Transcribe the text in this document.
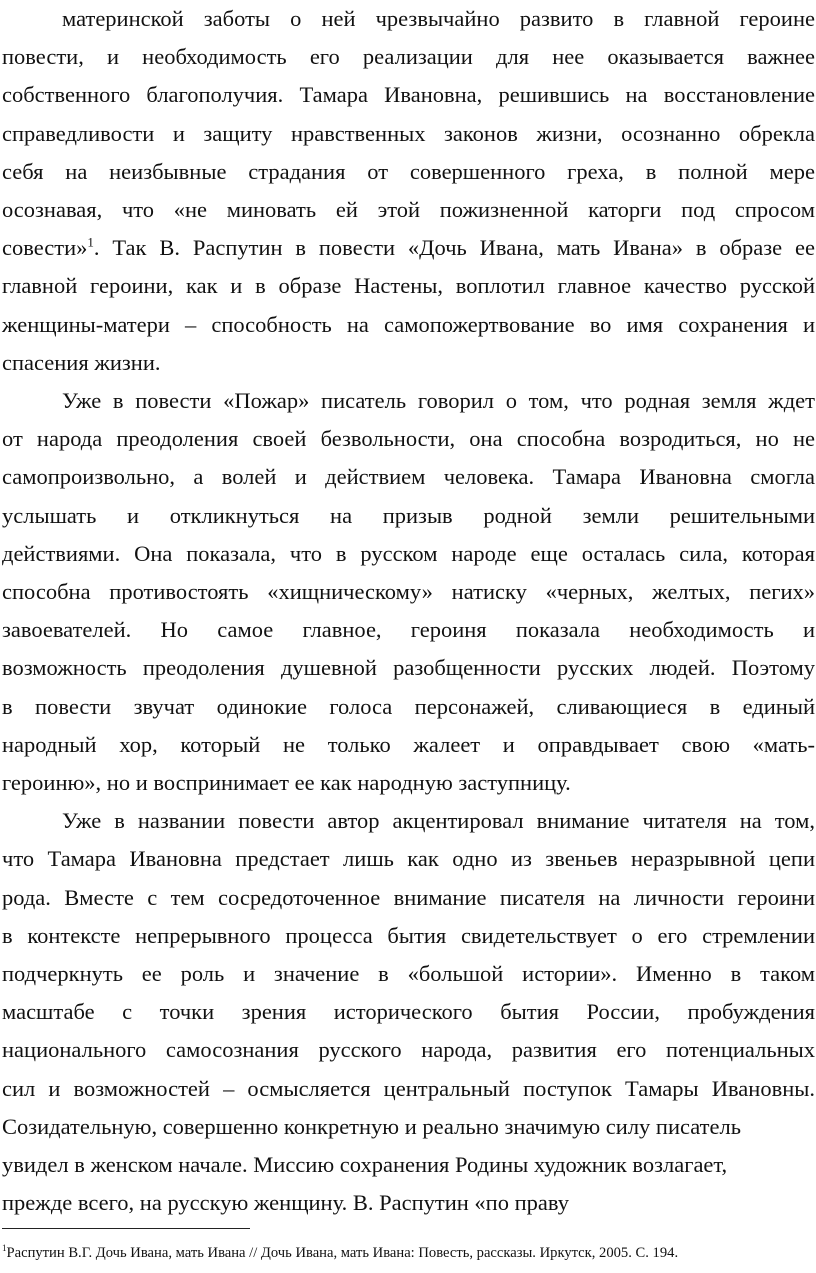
материнской заботы о ней чрезвычайно развито в главной героине
повести, и необходимость его реализации для нее оказывается важнее
собственного благополучия. Тамара Ивановна, решившись на восстановление
справедливости и защиту нравственных законов жизни, осознанно обрекла
себя на неизбывные страдания от совершенного греха, в полной мере
осознавая, что «не миновать ей этой пожизненной каторги под спросом
совести»$^1$. Так В. Распутин в повести «Дочь Ивана, мать Ивана» в образе ее
главной героини, как и в образе Настены, воплотил главное качество русской
женщины-матери – способность на самопожертвование во имя сохранения и
спасения жизни.
Уже в повести «Пожар» писатель говорил о том, что родная земля ждет
от народа преодоления своей безвольности, она способна возродиться, но не
самопроизвольно, а волей и действием человека. Тамара Ивановна смогла
услышать и откликнуться на призыв родной земли решительными
действиями. Она показала, что в русском народе еще осталась сила, которая
способна противостоять «хищническому» натиску «черных, желтых, пегих»
завоевателей. Но самое главное, героиня показала необходимость и
возможность преодоления душевной разобщенности русских людей. Поэтому
в повести звучат одинокие голоса персонажей, сливающиеся в единый
народный хор, который не только жалеет и оправдывает свою «мать-
героиню», но и воспринимает ее как народную заступницу.
Уже в названии повести автор акцентировал внимание читателя на том,
что Тамара Ивановна предстает лишь как одно из звеньев неразрывной цепи
рода. Вместе с тем сосредоточенное внимание писателя на личности героини
в контексте непрерывного процесса бытия свидетельствует о его стремлении
подчеркнуть ее роль и значение в «большой истории». Именно в таком
масштабе с точки зрения исторического бытия России, пробуждения
национального самосознания русского народа, развития его потенциальных
сил и возможностей – осмысляется центральный поступок Тамары Ивановны.
Созидательную, совершенно конкретную и реально значимую силу писатель
увидел в женском начале. Миссию сохранения Родины художник возлагает,
прежде всего, на русскую женщину. В. Распутин «по праву
$^1$Распутин В.Г. Дочь Ивана, мать Ивана // Дочь Ивана, мать Ивана: Повесть, рассказы. Иркутск, 2005. С. 194.
